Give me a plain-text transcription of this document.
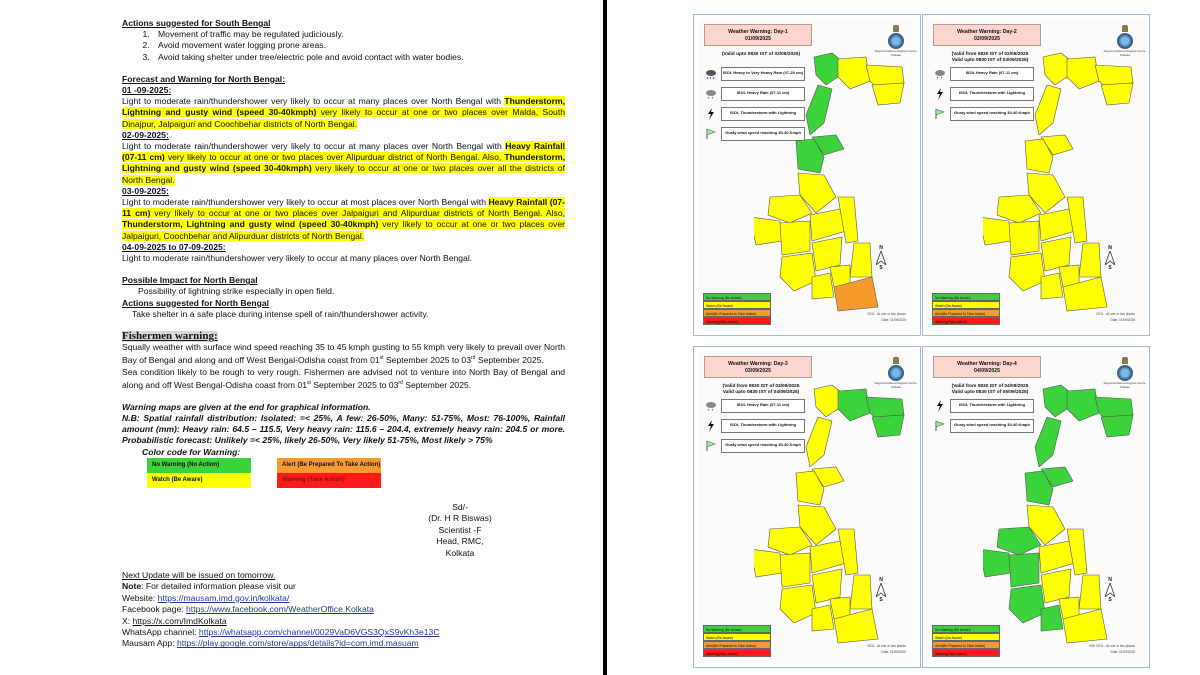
Actions suggested for South Bengal
1. Movement of traffic may be regulated judiciously.
2. Avoid movement water logging prone areas.
3. Avoid taking shelter under tree/electric pole and avoid contact with water bodies.
Forecast and Warning for North Bengal:
01 -09-2025:

Light to moderate rain/thundershower very likely to occur at many places over North Bengal with Thunderstorm, Lightning and gusty wind (speed 30-40kmph) very likely to occur at one or two places over Malda, South Dinajpur, Jalpaiguri and Coochbehar districts of North Bengal.

02-09-2025:

Light to moderate rain/thundershower very likely to occur at many places over North Bengal with Heavy Rainfall (07-11 cm) very likely to occur at one or two places over Alipurduar district of North Bengal. Also, Thunderstorm, Lightning and gusty wind (speed 30-40kmph) very likely to occur at one or two places over all the districts of North Bengal.

03-09-2025:

Light to moderate rain/thundershower very likely to occur at most places over North Bengal with Heavy Rainfall (07-11 cm) very likely to occur at one or two places over Jalpaiguri and Alipurduar districts of North Bengal. Also, Thunderstorm, Lightning and gusty wind (speed 30-40kmph) very likely to occur at one or two places over Jalpaiguri, Coochbehar and Alipurduar districts of North Bengal.

04-09-2025 to 07-09-2025:

Light to moderate rain/thundershower very likely to occur at many places over North Bengal.

Possible Impact for North Bengal
Possibility of lightning strike especially in open field.
Actions suggested for North Bengal
Take shelter in a safe place during intense spell of rain/thundershower activity.
Fishermen warning:

Squally weather with surface wind speed reaching 35 to 45 kmph gusting to 55 kmph very likely to prevail over North Bay of Bengal and along and off West Bengal-Odisha coast from 01st September 2025 to 03rd September 2025.

Sea condition likely to be rough to very rough. Fishermen are advised not to venture into North Bay of Bengal and along and off West Bengal-Odisha coast from 01st September 2025 to 03rd September 2025.

Warning maps are given at the end for graphical information.

N.B: Spatial rainfall distribution: Isolated: =< 25%, A few: 26-50%, Many: 51-75%, Most: 76-100%, Rainfall amount (mm): Heavy rain: 64.5 – 115.5, Very heavy rain: 115.6 – 204.4, extremely heavy rain: 204.5 or more. Probabilistic forecast: Unlikely =< 25%, likely 26-50%, Very likely 51-75%, Most likely > 75%

Color code for Warning:
No Warning (No Action)
Watch (Be Aware)
Alert (Be Prepared To Take Action)
Warning (Take Action)
Sd/-
(Dr. H R Biswas)
Scientist -F
Head, RMC, Kolkata
Next Update will be issued on tomorrow.
Note: For detailed information please visit our
Website: https://mausam.imd.gov.in/kolkata/
Facebook page: https://www.facebook.com/WeatherOffice.Kolkata
X: https://x.com/ImdKolkata
WhatsApp channel: https://whatsapp.com/channel/0029VaD6VGS3QxS9vKh3e13C
Mausam App: https://play.google.com/store/apps/details?id=com.imd.masuam
Weather Warning: Day-1
01/09/2025
(Valid upto 0830 IST of 02/09/2025)
ISOL Heavy to Very Heavy Rain (07-20 cm)
ISOL Heavy Rain (07-11 cm)
ISOL Thunderstorm with Lightning
Gusty wind speed reaching 30-40 Kmph
Regional Meteorological Centre, Kolkata
N
S
No Warning (No Action)
Watch (Be Aware)
Alert(Be Prepared to Take Action)
Warning(Take Action)
ISOL - At one or two places
Date: 31/08/2025
Weather Warning: Day-2
02/09/2025
(Valid from 0830 IST of 02/09/2025
Valid upto 0830 IST of 03/09/2025)
ISOL Heavy Rain (07-11 cm)
ISOL Thunderstorm with Lightning
Gusty wind speed reaching 30-40 Kmph
Regional Meteorological Centre, Kolkata
N
S
No Warning (No Action)
Watch (Be Aware)
Alert(Be Prepared to Take Action)
Warning(Take Action)
ISOL - At one or two places
Date: 01/09/2025
Weather Warning: Day-3
03/09/2025
(Valid from 0830 IST of 03/09/2025
Valid upto 0830 IST of 04/09/2025)
ISOL Heavy Rain (07-11 cm)
ISOL Thunderstorm with Lightning
Gusty wind speed reaching 30-40 Kmph
Regional Meteorological Centre, Kolkata
N
S
No Warning (No Action)
Watch (Be Aware)
Alert(Be Prepared to Take Action)
Warning(Take Action)
ISOL - At one or two places
Date: 01/09/2025
Weather Warning: Day-4
04/09/2025
(Valid from 0830 IST of 04/09/2025
Valid upto 0830 IST of 05/09/2025)
ISOL Thunderstorm with Lightning
Gusty wind speed reaching 30-40 Kmph
Regional Meteorological Centre, Kolkata
N
S
No Warning (No Action)
Watch (Be Aware)
Alert(Be Prepared to Take Action)
Warning(Take Action)
N.B: ISOL - At one or two places
Date: 01/09/2025
